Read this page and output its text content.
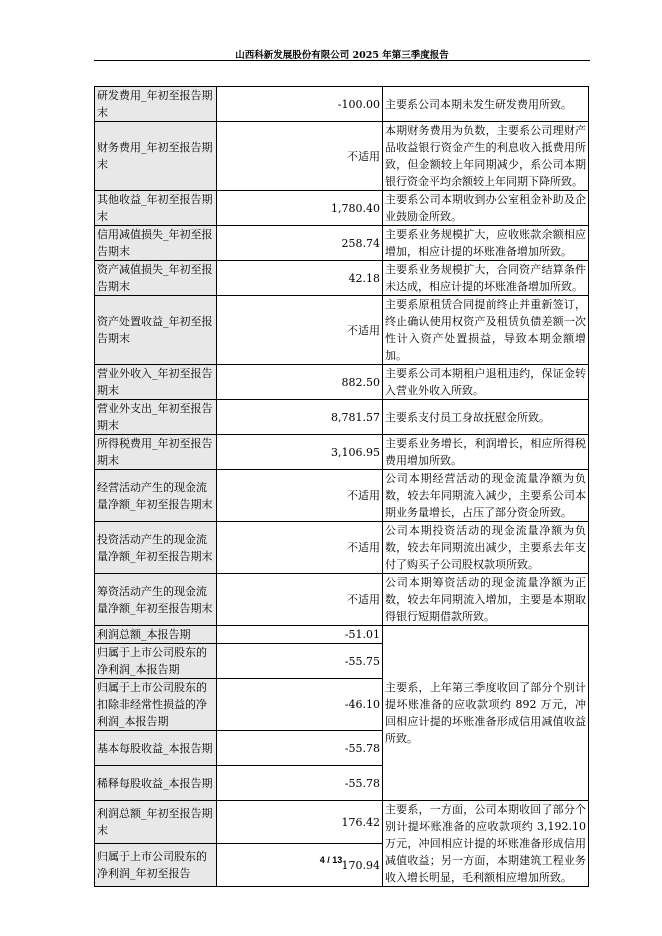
山西科新发展股份有限公司 2025 年第三季度报告
研发费用_年初至报告期末	-100.00	主要系公司本期未发生研发费用所致。
财务费用_年初至报告期末	不适用	本期财务费用为负数，主要系公司理财产品收益银行资金产生的利息收入抵费用所致，但金额较上年同期减少，系公司本期银行资金平均余额较上年同期下降所致。
其他收益_年初至报告期末	1,780.40	主要系公司本期收到办公室租金补助及企业鼓励金所致。
信用减值损失_年初至报告期末	258.74	主要系业务规模扩大，应收账款余额相应增加，相应计提的坏账准备增加所致。
资产减值损失_年初至报告期末	42.18	主要系业务规模扩大，合同资产结算条件未达成，相应计提的坏账准备增加所致。
资产处置收益_年初至报告期末	不适用	主要系原租赁合同提前终止并重新签订，终止确认使用权资产及租赁负债差额一次性计入资产处置损益，导致本期金额增加。
营业外收入_年初至报告期末	882.50	主要系公司本期租户退租违约，保证金转入营业外收入所致。
营业外支出_年初至报告期末	8,781.57	主要系支付员工身故抚慰金所致。
所得税费用_年初至报告期末	3,106.95	主要系业务增长，利润增长，相应所得税费用增加所致。
经营活动产生的现金流量净额_年初至报告期末	不适用	公司本期经营活动的现金流量净额为负数，较去年同期流入减少，主要系公司本期业务量增长，占压了部分资金所致。
投资活动产生的现金流量净额_年初至报告期末	不适用	公司本期投资活动的现金流量净额为负数，较去年同期流出减少，主要系去年支付了购买子公司股权款项所致。
筹资活动产生的现金流量净额_年初至报告期末	不适用	公司本期筹资活动的现金流量净额为正数，较去年同期流入增加，主要是本期取得银行短期借款所致。
利润总额_本报告期	-51.01	主要系，上年第三季度收回了部分个别计提坏账准备的应收款项约 892 万元，冲回相应计提的坏账准备形成信用减值收益所致。
归属于上市公司股东的净利润_本报告期	-55.75	
归属于上市公司股东的扣除非经常性损益的净利润_本报告期	-46.10	
基本每股收益_本报告期	-55.78	
稀释每股收益_本报告期	-55.78	
利润总额_年初至报告期末	176.42	主要系，一方面，公司本期收回了部分个别计提坏账准备的应收款项约 3,192.10 万元，冲回相应计提的坏账准备形成信用减值收益；另一方面，本期建筑工程业务收入增长明显，毛利额相应增加所致。
归属于上市公司股东的净利润_年初至报告	170.94	
4 / 13
